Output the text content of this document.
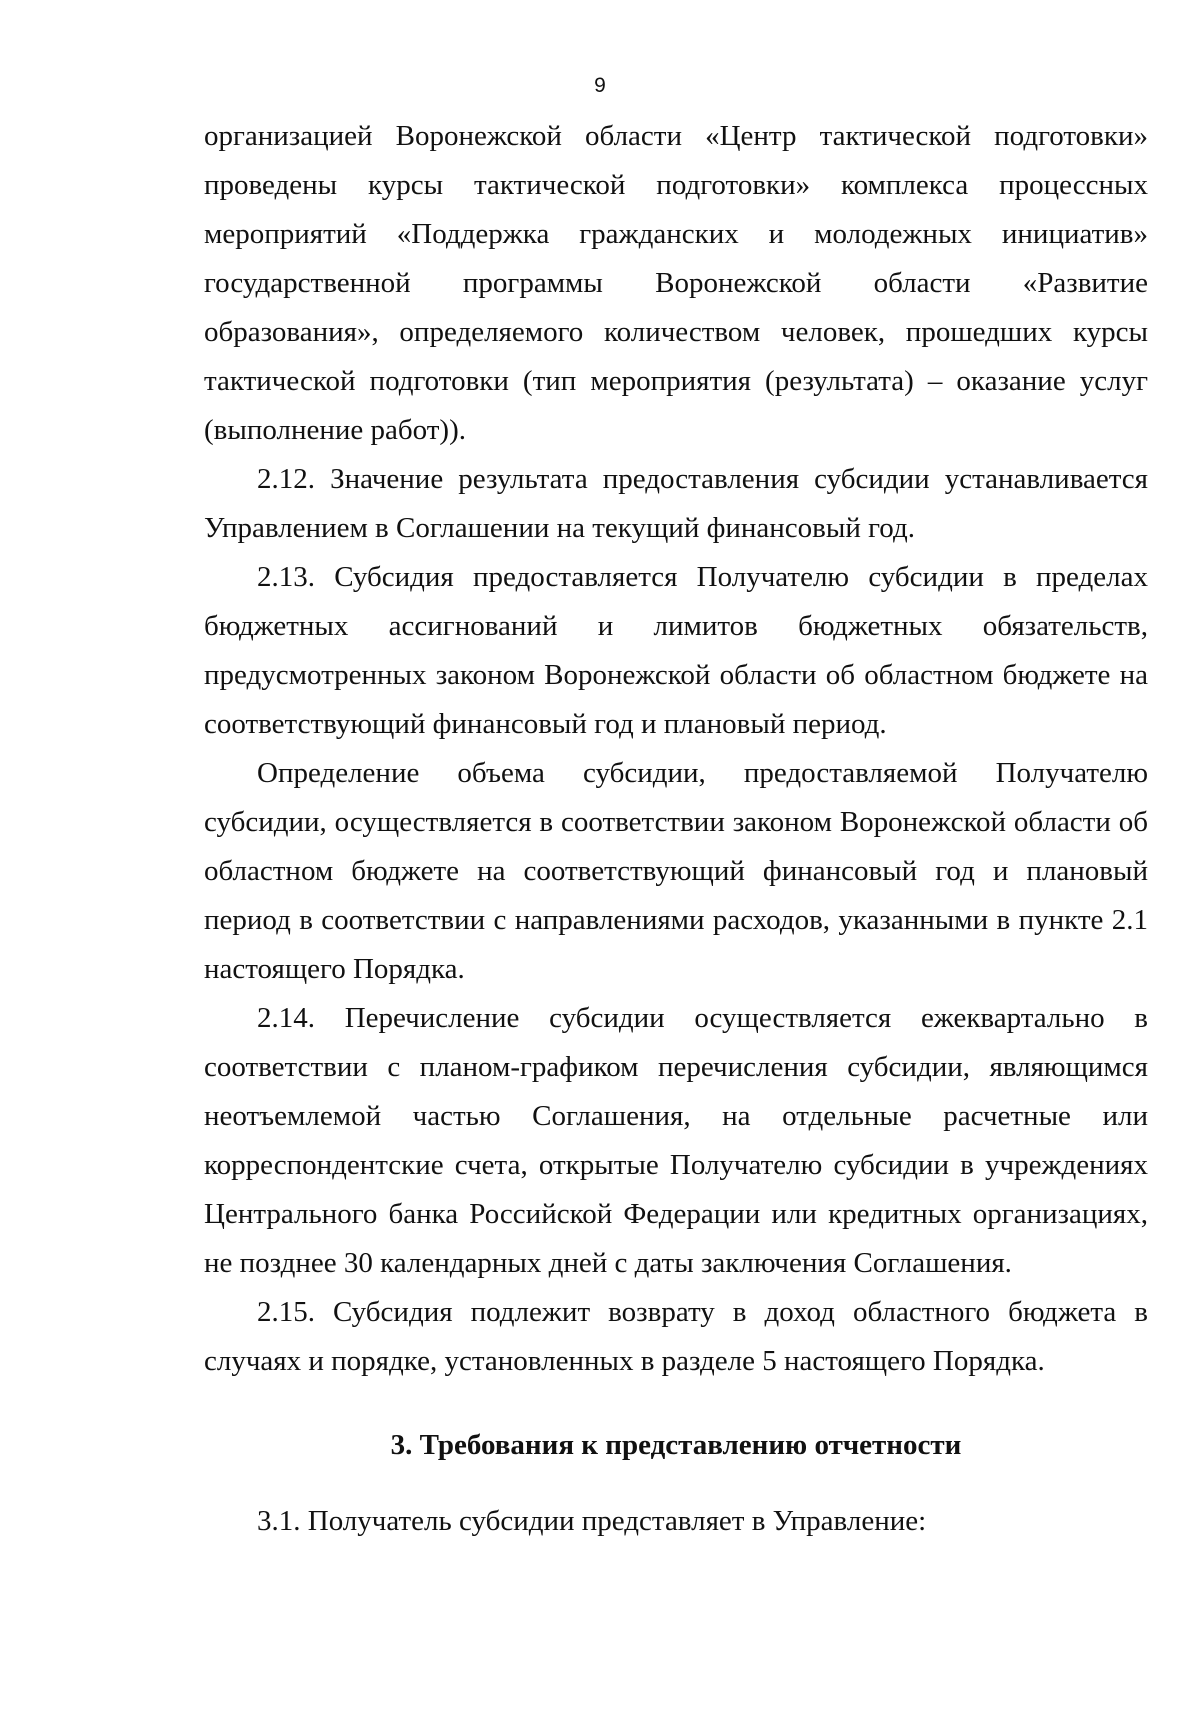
9

организацией Воронежской области «Центр тактической подготовки» проведены курсы тактической подготовки» комплекса процессных мероприятий «Поддержка гражданских и молодежных инициатив» государственной программы Воронежской области «Развитие образования», определяемого количеством человек, прошедших курсы тактической подготовки (тип мероприятия (результата) – оказание услуг (выполнение работ)).

2.12. Значение результата предоставления субсидии устанавливается Управлением в Соглашении на текущий финансовый год.

2.13. Субсидия предоставляется Получателю субсидии в пределах бюджетных ассигнований и лимитов бюджетных обязательств, предусмотренных законом Воронежской области об областном бюджете на соответствующий финансовый год и плановый период.

Определение объема субсидии, предоставляемой Получателю субсидии, осуществляется в соответствии законом Воронежской области об областном бюджете на соответствующий финансовый год и плановый период в соответствии с направлениями расходов, указанными в пункте 2.1 настоящего Порядка.

2.14. Перечисление субсидии осуществляется ежеквартально в соответствии с планом-графиком перечисления субсидии, являющимся неотъемлемой частью Соглашения, на отдельные расчетные или корреспондентские счета, открытые Получателю субсидии в учреждениях Центрального банка Российской Федерации или кредитных организациях, не позднее 30 календарных дней с даты заключения Соглашения.

2.15. Субсидия подлежит возврату в доход областного бюджета в случаях и порядке, установленных в разделе 5 настоящего Порядка.

3. Требования к представлению отчетности

3.1. Получатель субсидии представляет в Управление:
